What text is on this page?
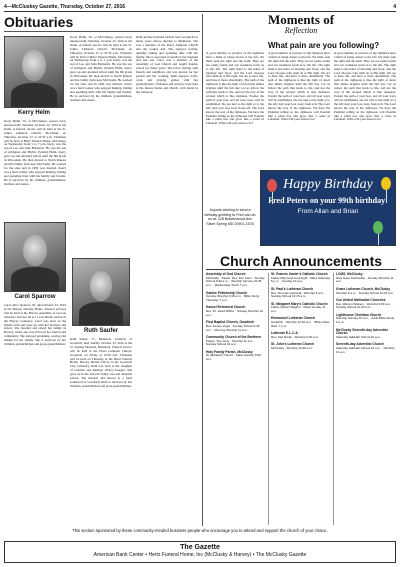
4—McCluskey Gazette, Thursday, October 27, 2016	4
Obituaries
Kerry Helm
Kerry Helm, 59, of McCluskey, passed away unexpectedly Saturday, October 22, 2016 at his home. A funeral service will be held at the St. John's Lutheran Church, McClusky on Thursday, October 27 at 10:30 a.m. Visitation will be held at Hertz Funeral Home, McClusky, on Wednesday from 5 to 7 p.m. Kerry was the son of Leo and Julia Bismarck. He was the son of Arlington and Phyllis (Schell) Helm. Kerry grew up and attended school until the 9th grade in Wisconsin. He then moved to North Dakota and the family farm near McClusky. He worked for the state and in 1982 was married. Kerry was a hard worker who enjoyed hunting, fishing and spending time with his family and friends. He is survived by his children, grandchildren, brothers and sisters.
Carol Sparrow
Carol Alice Sparrow, 95, died October 23, 2016 at the Harvey Nursing Home. Funeral services will be held at the Harvey Assembly of God on Saturday, October 29 at 11 a.m. Burial will be in the Harvey Cemetery. Carol was born on the family farm and grew up with her brothers and sisters. She married and raised her family in Harvey, where she was active in her church and community. She enjoyed gardening, sewing and baking for her family. She is survived by her children, grandchildren and great-grandchildren.
Kerry Helm, 59, of McCluskey, passed away unexpectedly Saturday, October 22, 2016 at his home. A funeral service will be held at the St. John's Lutheran Church, McClusky on Thursday, October 27 at 10:30 a.m. Visitation will be held at Hertz Funeral Home, McClusky, on Wednesday from 5 to 7 p.m. Kerry was the son of Leo and Julia Bismarck. He was the son of Arlington and Phyllis (Schell) Helm. Kerry grew up and attended school until the 9th grade in Wisconsin. He then moved to North Dakota and the family farm near McClusky. He worked for the state and in 1982 was married. Kerry was a hard worker who enjoyed hunting, fishing and spending time with his family and friends. He is survived by his children, grandchildren, brothers and sisters.
Ruth Saufer
Ruth Saufer, 77, Bismarck, formerly of Goodrich, died Sunday, October 23, 2016 at the St. Alexius Hospital, Bismarck. Funeral service will be held at the Peace Lutheran Church, Goodrich, on Friday at 10:30 a.m. Visitation will be held on Thursday at the Hertz Funeral Home, Harvey. Burial will be in the Goodrich City Cemetery. Ruth was born to the daughter of Gottlieb and Kathryn (Fritz) Krueger. She grew up in the Lincoln Valley area and attended school. She married and moved to a farm southwest of Goodrich. Ruth is survived by her children, grandchildren and great-grandchildren.
Ruth and her husband farmed near Goodrich for many years before moving to Bismarck. She was a member of the Peace Lutheran Church and the Ladies Aid. She enjoyed sewing, quilting, baking and spending time with her family. She is preceded in death by her husband and one son. Carol was a member of the Assembly of God Church and taught Sunday school for many years. She loved visiting with friends and neighbors and was known for her garden and her cooking. Ruth enjoyed crafts, cards and playing games with her grandchildren. Visitation and services were held at the funeral home and church, with burial in the cemetery.
Moments of
Reflection
What pain are you following?
A good number of pictures of the rightness have a habit of being drawn to the left. We must seek the right and the truth. They are not easily found and our weakness leads us to the left. The right hand is the hand of blessing and favor, and the Lord chooses who shall sit at His right. We are to have life, and have it more abundantly. The path of the righteous is like the light of dawn that shines brighter until the full day. Let us follow the path that leads to life, and not the way of the wicked which is like darkness. Ponder the path of your feet, and all your ways will be established. Do not turn to the right or to the left; turn your foot away from evil. The Lord knows the way of the righteous. We have the Psalmist telling us the righteous will flourish like a palm tree and grow like a cedar in Lebanon. What will your answer be?
A good number of pictures of the rightness have a habit of being drawn to the left. We must seek the right and the truth. They are not easily found and our weakness leads us to the left. The right hand is the hand of blessing and favor, and the Lord chooses who shall sit at His right. We are to have life, and have it more abundantly. The path of the righteous is like the light of dawn that shines brighter until the full day. Let us follow the path that leads to life, and not the way of the wicked which is like darkness. Ponder the path of your feet, and all your ways will be established. Do not turn to the right or to the left; turn your foot away from evil. The Lord knows the way of the righteous. We have the Psalmist telling us the righteous will flourish like a palm tree and grow like a cedar in Lebanon. What will your answer be?
A good number of pictures of the rightness have a habit of being drawn to the left. We must seek the right and the truth. They are not easily found and our weakness leads us to the left. The right hand is the hand of blessing and favor, and the Lord chooses who shall sit at His right. We are to have life, and have it more abundantly. The path of the righteous is like the light of dawn that shines brighter until the full day. Let us follow the path that leads to life, and not the way of the wicked which is like darkness. Ponder the path of your feet, and all your ways will be established. Do not turn to the right or to the left; turn your foot away from evil. The Lord knows the way of the righteous. We have the Psalmist telling us the righteous will flourish like a palm tree and grow like a cedar in Lebanon. What will your answer be?
Anyone wishing to send a birthday greeting to Fred can do so at: 128 Bradenwood Ave Silver Spring MD 20901-1578
Happy Birthday
Fred Peters on your 99th birthday!
From Allan and Brian
Church Announcements
Assembly of God Church
McClusky · Pastor: Rev. Kim Clem · Sunday School 9:30 a.m. · Worship Service 10:45 a.m. · Wednesday Youth 7 p.m.

Gackle Fellowship Church
Sunday Worship 9:30 a.m. · Bible Study Thursday 7 p.m.

Kassel Reformed Church
Rev. Dr. Jared Wilbur · Sunday Worship 10 a.m.

First Baptist Church, Goodrich
Rev. James Vogel · Sunday School 9:45 a.m. · Morning Worship 11 a.m.

Community Church of the Brethren
Pastor: Tom Gray · Worship 11 a.m. · Sunday School 10 a.m.

Holy Family Parish, McClusky
St. Elizabeth Church · Mass Sunday 8:30 a.m.
St. Francis Xavier's Catholic Church
Father Raymond Courtright · Mass Saturday 5 p.m. · Sunday 10 a.m.

St. Paul's Lutheran Church
Rev. Thomas Gerhardt · Worship 9 a.m. · Sunday School 10:15 a.m.

St. Margaret Mary's Catholic Church
Father Robert Wagner · Mass Sunday 11 a.m.

Emmanuel Lutheran Church
Goodrich · Worship 10:30 a.m. · Bible Class Wed. 7 p.m.

Lutheran E.L.C.A.
Rev. Karl Dreith · Worship 9:30 a.m.

St. John's Lutheran Church
McClusky · Worship 10:30 a.m.
LCMS, McClusky
New Hope Fellowship · Sunday Worship 11 a.m.

Grace Lutheran Church, McClusky
Worship 9 a.m. · Sunday School 10:15 a.m.

Our United Methodist Churches
Rev. Warren Wickers · Worship 9:30 a.m. · Sunday School 10:30 a.m.

Lighthouse Christian Church
Worship Sunday 10 a.m. · Adult Bible Study 9 a.m.

McClusky Seventh-day Adventist Church
Saturday Sabbath School 10 a.m.

Seventh-day Adventist Church
Saturday Sabbath School 10 a.m. · Worship 11 a.m.
This section sponsored by these community-minded business people who encourage you to attend and support the church of your choice.
The Gazette
American Bank Center • Hertz Funeral Home, Inc (McClusky & Harvey) • The McClusky Gazette
